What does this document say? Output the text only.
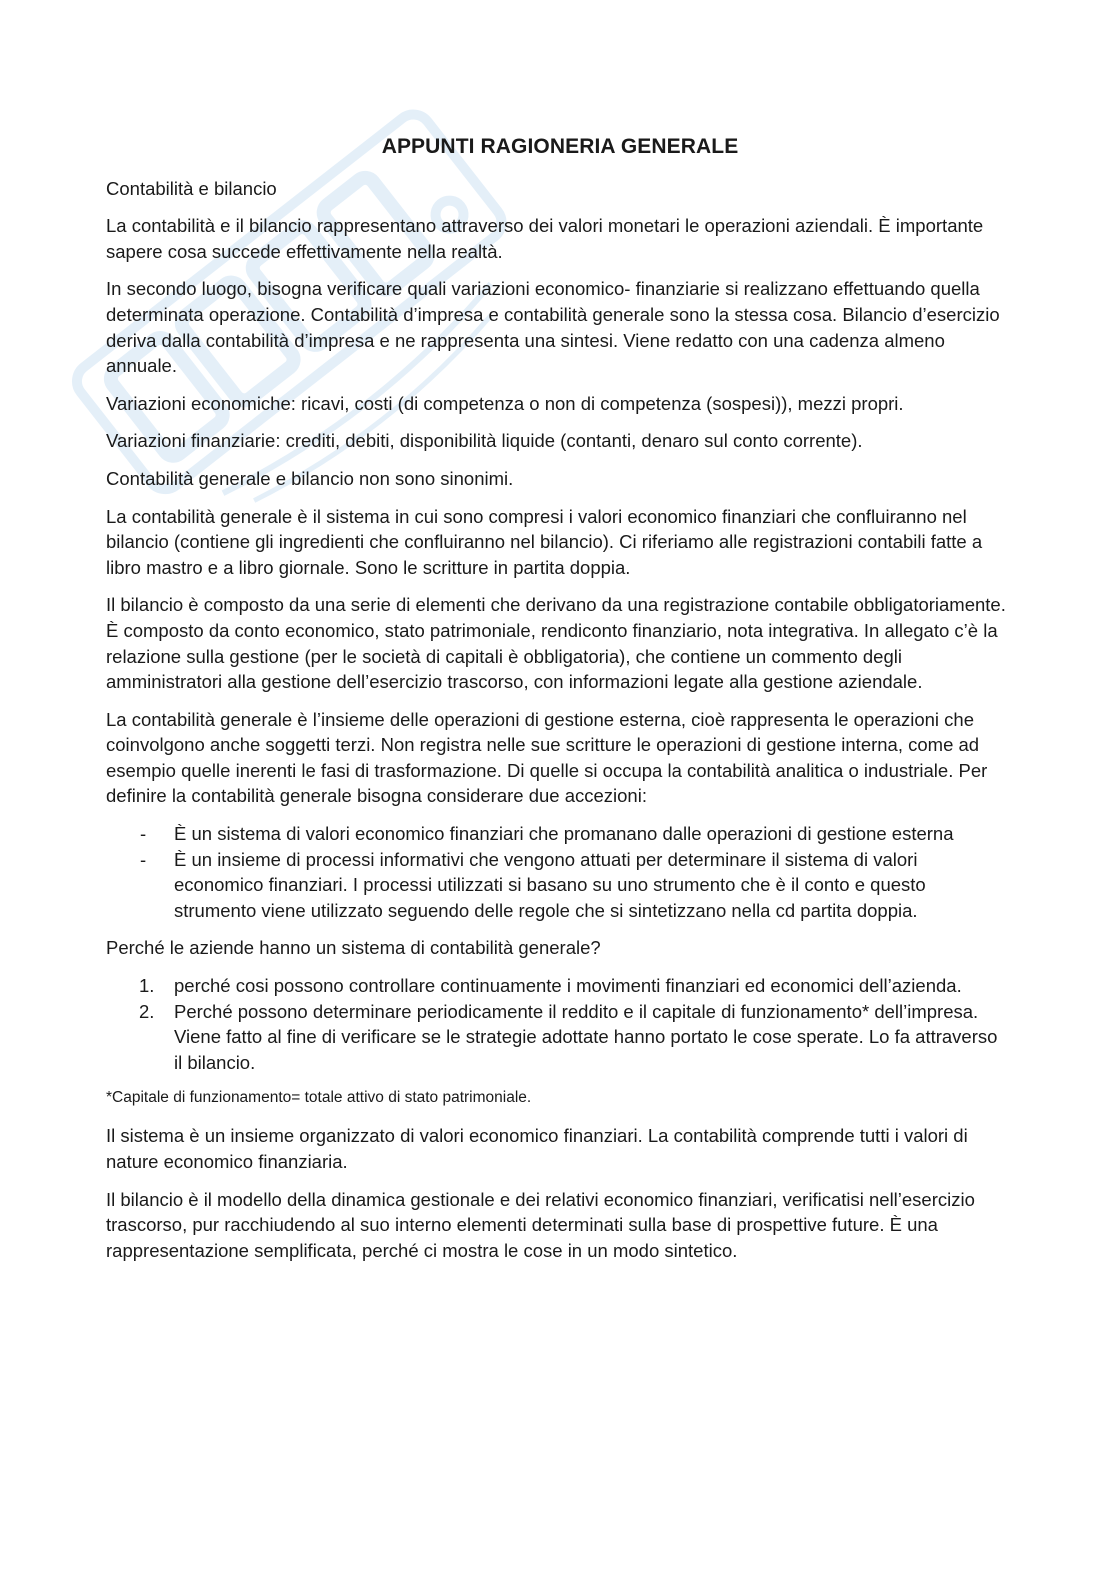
APPUNTI RAGIONERIA GENERALE

Contabilità e bilancio

La contabilità e il bilancio rappresentano attraverso dei valori monetari le operazioni aziendali. È importante sapere cosa succede effettivamente nella realtà.

In secondo luogo, bisogna verificare quali variazioni economico- finanziarie si realizzano effettuando quella determinata operazione. Contabilità d’impresa e contabilità generale sono la stessa cosa. Bilancio d’esercizio deriva dalla contabilità d’impresa e ne rappresenta una sintesi. Viene redatto con una cadenza almeno annuale.

Variazioni economiche: ricavi, costi (di competenza o non di competenza (sospesi)), mezzi propri.

Variazioni finanziarie: crediti, debiti, disponibilità liquide (contanti, denaro sul conto corrente).

Contabilità generale e bilancio non sono sinonimi.

La contabilità generale è il sistema in cui sono compresi i valori economico finanziari che confluiranno nel bilancio (contiene gli ingredienti che confluiranno nel bilancio). Ci riferiamo alle registrazioni contabili fatte a libro mastro e a libro giornale. Sono le scritture in partita doppia.

Il bilancio è composto da una serie di elementi che derivano da una registrazione contabile obbligatoriamente. È composto da conto economico, stato patrimoniale, rendiconto finanziario, nota integrativa. In allegato c’è la relazione sulla gestione (per le società di capitali è obbligatoria), che contiene un commento degli amministratori alla gestione dell’esercizio trascorso, con informazioni legate alla gestione aziendale.

La contabilità generale è l’insieme delle operazioni di gestione esterna, cioè rappresenta le operazioni che coinvolgono anche soggetti terzi. Non registra nelle sue scritture le operazioni di gestione interna, come ad esempio quelle inerenti le fasi di trasformazione. Di quelle si occupa la contabilità analitica o industriale. Per definire la contabilità generale bisogna considerare due accezioni:

- È un sistema di valori economico finanziari che promanano dalle operazioni di gestione esterna
- È un insieme di processi informativi che vengono attuati per determinare il sistema di valori economico finanziari. I processi utilizzati si basano su uno strumento che è il conto e questo strumento viene utilizzato seguendo delle regole che si sintetizzano nella cd partita doppia.

Perché le aziende hanno un sistema di contabilità generale?

1. perché cosi possono controllare continuamente i movimenti finanziari ed economici dell’azienda.
2. Perché possono determinare periodicamente il reddito e il capitale di funzionamento* dell’impresa. Viene fatto al fine di verificare se le strategie adottate hanno portato le cose sperate. Lo fa attraverso il bilancio.

*Capitale di funzionamento= totale attivo di stato patrimoniale.

Il sistema è un insieme organizzato di valori economico finanziari. La contabilità comprende tutti i valori di nature economico finanziaria.

Il bilancio è il modello della dinamica gestionale e dei relativi economico finanziari, verificatisi nell’esercizio trascorso, pur racchiudendo al suo interno elementi determinati sulla base di prospettive future. È una rappresentazione semplificata, perché ci mostra le cose in un modo sintetico.
